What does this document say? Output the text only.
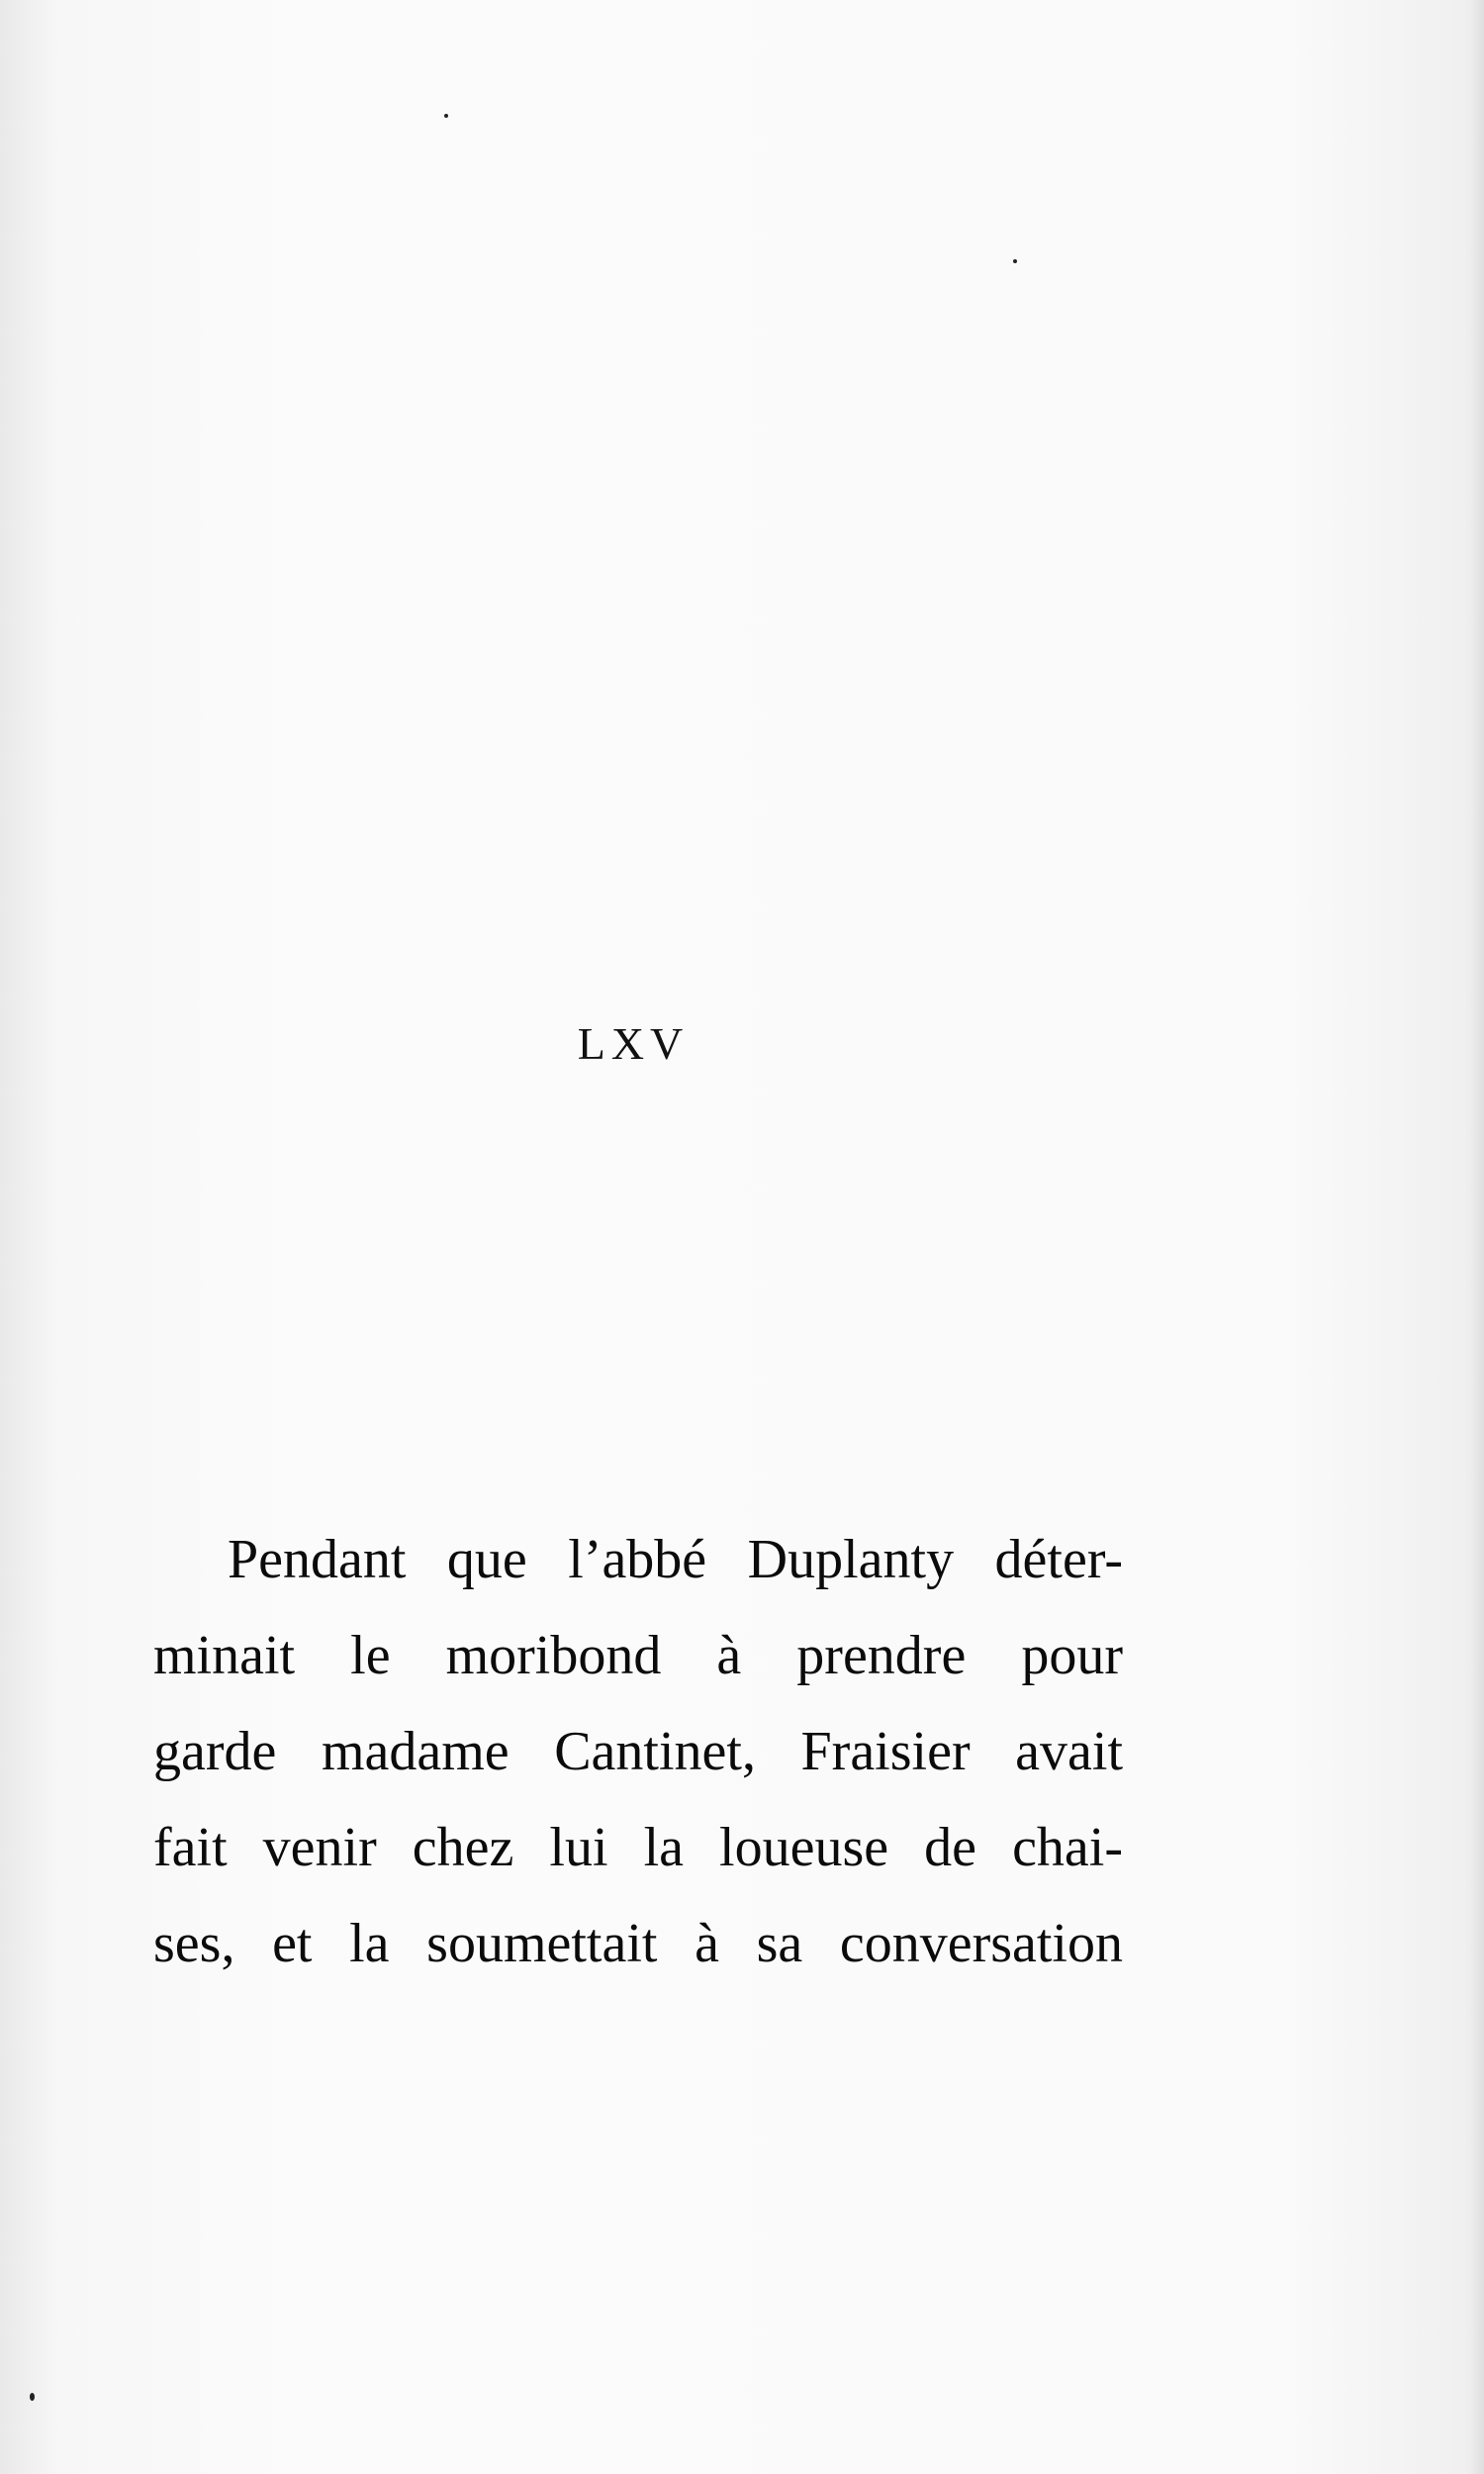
LXV

Pendant que l’abbé Duplanty déter-
minait le moribond à prendre pour
garde madame Cantinet, Fraisier avait
fait venir chez lui la loueuse de chai-
ses, et la soumettait à sa conversation
